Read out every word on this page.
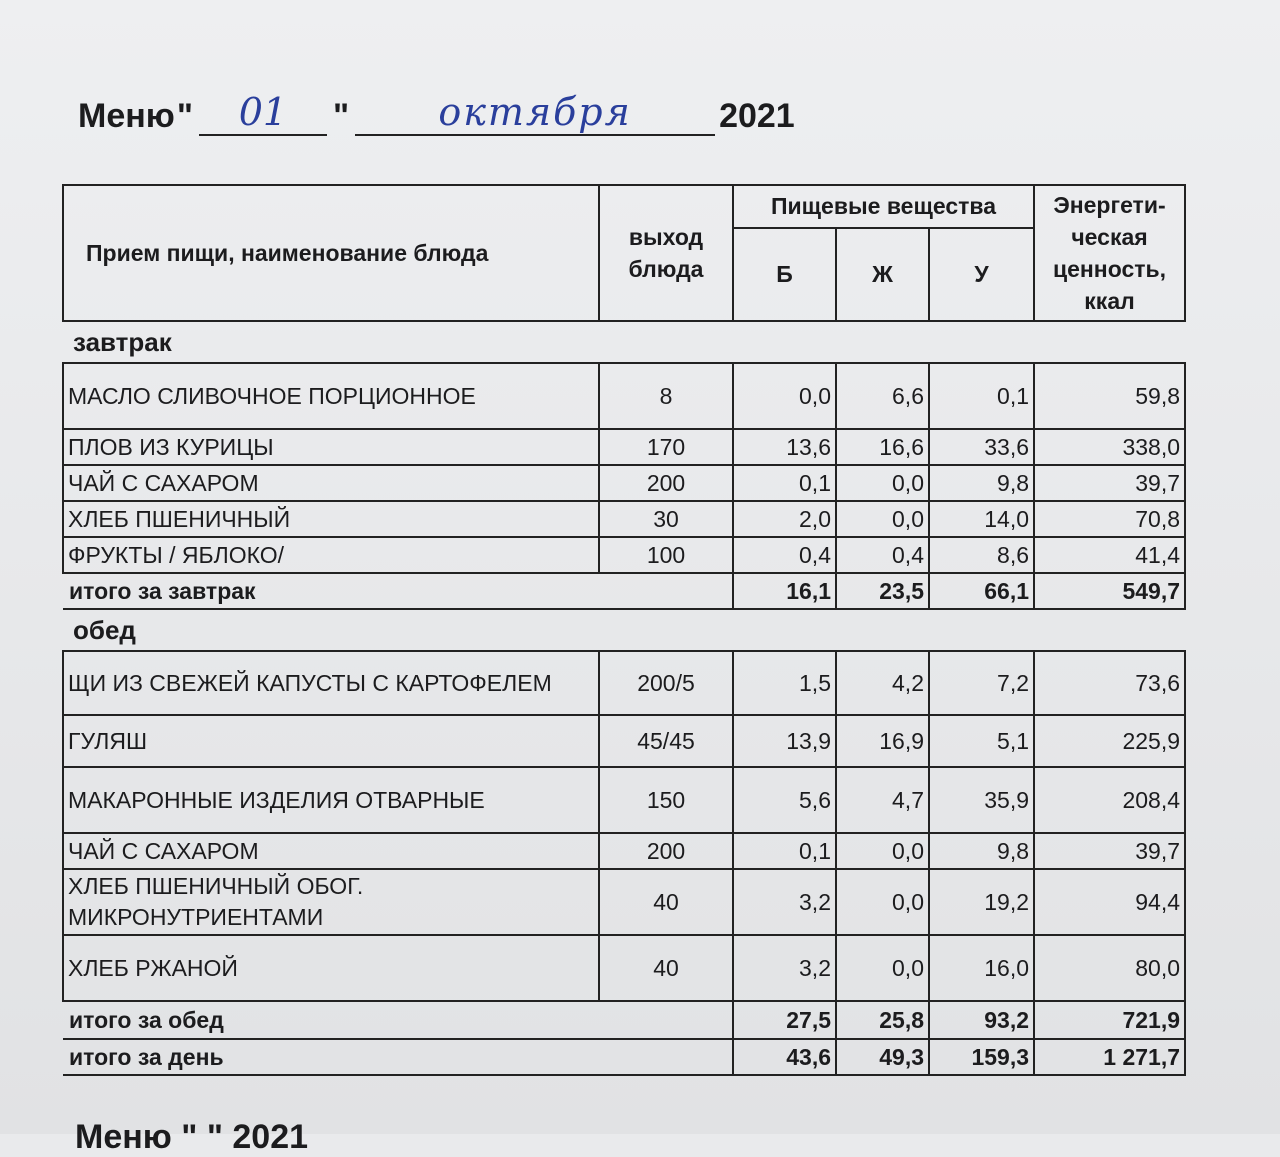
Меню "	01	"	октября	2021
Прием пищи, наименование блюда	выход блюда	Пищевые вещества			Энергети-ческая ценность, ккал
		Б	Ж	У	
завтрак					
МАСЛО СЛИВОЧНОЕ ПОРЦИОННОЕ	8	0,0	6,6	0,1	59,8
ПЛОВ ИЗ КУРИЦЫ	170	13,6	16,6	33,6	338,0
ЧАЙ С САХАРОМ	200	0,1	0,0	9,8	39,7
ХЛЕБ ПШЕНИЧНЫЙ	30	2,0	0,0	14,0	70,8
ФРУКТЫ / ЯБЛОКО/	100	0,4	0,4	8,6	41,4
итого за завтрак		16,1	23,5	66,1	549,7
обед					
ЩИ ИЗ СВЕЖЕЙ КАПУСТЫ С КАРТОФЕЛЕМ	200/5	1,5	4,2	7,2	73,6
ГУЛЯШ	45/45	13,9	16,9	5,1	225,9
МАКАРОННЫЕ ИЗДЕЛИЯ ОТВАРНЫЕ	150	5,6	4,7	35,9	208,4
ЧАЙ С САХАРОМ	200	0,1	0,0	9,8	39,7
ХЛЕБ ПШЕНИЧНЫЙ ОБОГ. МИКРОНУТРИЕНТАМИ	40	3,2	0,0	19,2	94,4
ХЛЕБ РЖАНОЙ	40	3,2	0,0	16,0	80,0
итого за обед		27,5	25,8	93,2	721,9
итого за день		43,6	49,3	159,3	1 271,7
Меню " " 2021
